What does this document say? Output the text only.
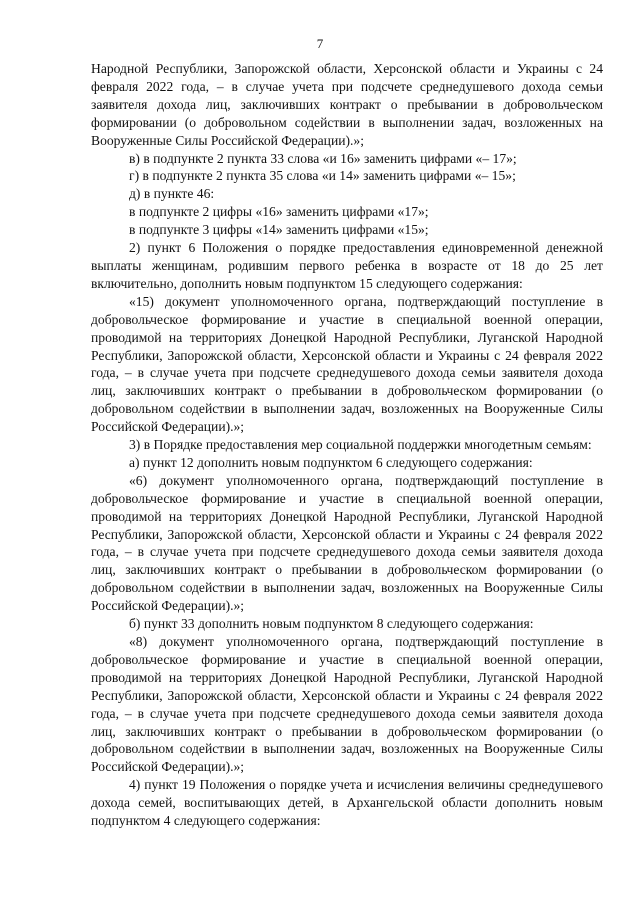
7

Народной Республики, Запорожской области, Херсонской области и Украины с 24 февраля 2022 года, – в случае учета при подсчете среднедушевого дохода семьи заявителя дохода лиц, заключивших контракт о пребывании в добровольческом формировании (о добровольном содействии в выполнении задач, возложенных на Вооруженные Силы Российской Федерации).»;

в) в подпункте 2 пункта 33 слова «и 16» заменить цифрами «– 17»;

г) в подпункте 2 пункта 35 слова «и 14» заменить цифрами «– 15»;

д) в пункте 46:

в подпункте 2 цифры «16» заменить цифрами «17»;

в подпункте 3 цифры «14» заменить цифрами «15»;

2) пункт 6 Положения о порядке предоставления единовременной денежной выплаты женщинам, родившим первого ребенка в возрасте от 18 до 25 лет включительно, дополнить новым подпунктом 15 следующего содержания:

«15) документ уполномоченного органа, подтверждающий поступление в добровольческое формирование и участие в специальной военной операции, проводимой на территориях Донецкой Народной Республики, Луганской Народной Республики, Запорожской области, Херсонской области и Украины с 24 февраля 2022 года, – в случае учета при подсчете среднедушевого дохода семьи заявителя дохода лиц, заключивших контракт о пребывании в добровольческом формировании (о добровольном содействии в выполнении задач, возложенных на Вооруженные Силы Российской Федерации).»;

3) в Порядке предоставления мер социальной поддержки многодетным семьям:

а) пункт 12 дополнить новым подпунктом 6 следующего содержания:

«6) документ уполномоченного органа, подтверждающий поступление в добровольческое формирование и участие в специальной военной операции, проводимой на территориях Донецкой Народной Республики, Луганской Народной Республики, Запорожской области, Херсонской области и Украины с 24 февраля 2022 года, – в случае учета при подсчете среднедушевого дохода семьи заявителя дохода лиц, заключивших контракт о пребывании в добровольческом формировании (о добровольном содействии в выполнении задач, возложенных на Вооруженные Силы Российской Федерации).»;

б) пункт 33 дополнить новым подпунктом 8 следующего содержания:

«8) документ уполномоченного органа, подтверждающий поступление в добровольческое формирование и участие в специальной военной операции, проводимой на территориях Донецкой Народной Республики, Луганской Народной Республики, Запорожской области, Херсонской области и Украины с 24 февраля 2022 года, – в случае учета при подсчете среднедушевого дохода семьи заявителя дохода лиц, заключивших контракт о пребывании в добровольческом формировании (о добровольном содействии в выполнении задач, возложенных на Вооруженные Силы Российской Федерации).»;

4) пункт 19 Положения о порядке учета и исчисления величины среднедушевого дохода семей, воспитывающих детей, в Архангельской области дополнить новым подпунктом 4 следующего содержания:
